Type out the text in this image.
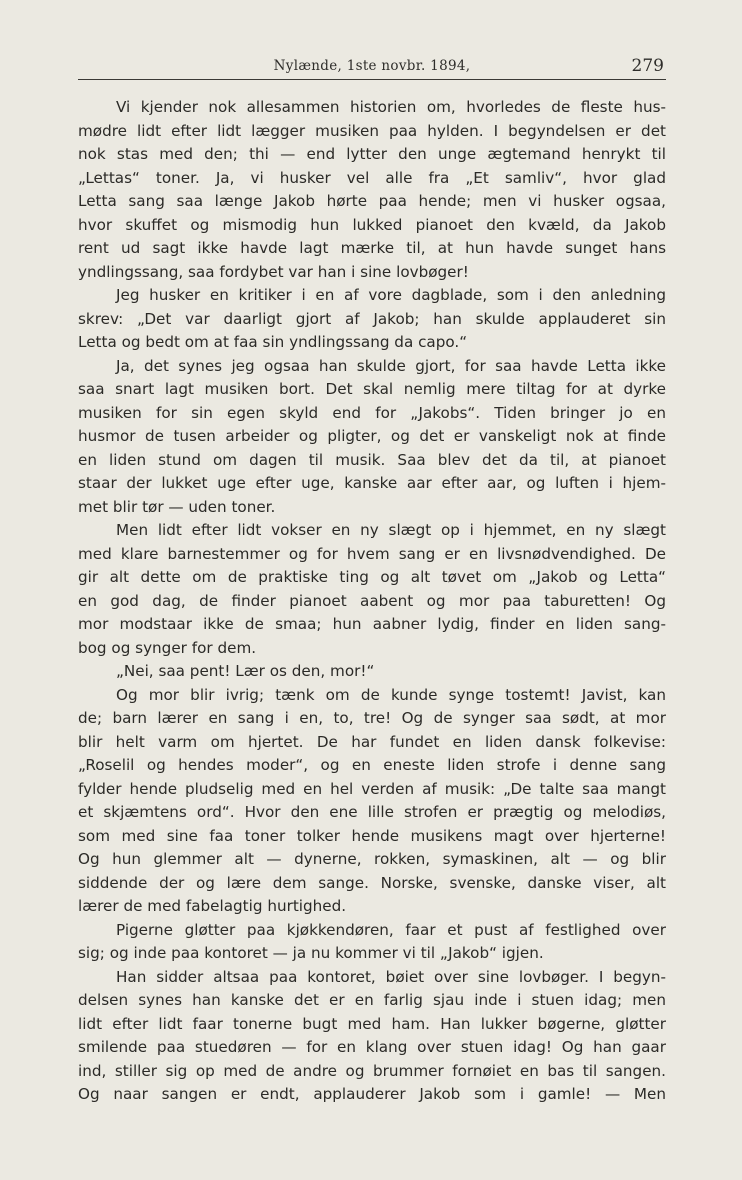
Nylænde, 1ste novbr. 1894,	279
Vi kjender nok allesammen historien om, hvorledes de fleste hus-
mødre lidt efter lidt lægger musiken paa hylden. I begyndelsen er det
nok stas med den; thi — end lytter den unge ægtemand henrykt til
„Lettas“ toner. Ja, vi husker vel alle fra „Et samliv“, hvor glad
Letta sang saa længe Jakob hørte paa hende; men vi husker ogsaa,
hvor skuffet og mismodig hun lukked pianoet den kvæld, da Jakob
rent ud sagt ikke havde lagt mærke til, at hun havde sunget hans
yndlingssang, saa fordybet var han i sine lovbøger!
Jeg husker en kritiker i en af vore dagblade, som i den anledning
skrev: „Det var daarligt gjort af Jakob; han skulde applauderet sin
Letta og bedt om at faa sin yndlingssang da capo.“
Ja, det synes jeg ogsaa han skulde gjort, for saa havde Letta ikke
saa snart lagt musiken bort. Det skal nemlig mere tiltag for at dyrke
musiken for sin egen skyld end for „Jakobs“. Tiden bringer jo en
husmor de tusen arbeider og pligter, og det er vanskeligt nok at finde
en liden stund om dagen til musik. Saa blev det da til, at pianoet
staar der lukket uge efter uge, kanske aar efter aar, og luften i hjem-
met blir tør — uden toner.
Men lidt efter lidt vokser en ny slægt op i hjemmet, en ny slægt
med klare barnestemmer og for hvem sang er en livsnødvendighed. De
gir alt dette om de praktiske ting og alt tøvet om „Jakob og Letta“
en god dag, de finder pianoet aabent og mor paa taburetten! Og
mor modstaar ikke de smaa; hun aabner lydig, finder en liden sang-
bog og synger for dem.
„Nei, saa pent! Lær os den, mor!“
Og mor blir ivrig; tænk om de kunde synge tostemt! Javist, kan
de; barn lærer en sang i en, to, tre! Og de synger saa sødt, at mor
blir helt varm om hjertet. De har fundet en liden dansk folkevise:
„Roselil og hendes moder“, og en eneste liden strofe i denne sang
fylder hende pludselig med en hel verden af musik: „De talte saa mangt
et skjæmtens ord“. Hvor den ene lille strofen er prægtig og melodiøs,
som med sine faa toner tolker hende musikens magt over hjerterne!
Og hun glemmer alt — dynerne, rokken, symaskinen, alt — og blir
siddende der og lære dem sange. Norske, svenske, danske viser, alt
lærer de med fabelagtig hurtighed.
Pigerne gløtter paa kjøkkendøren, faar et pust af festlighed over
sig; og inde paa kontoret — ja nu kommer vi til „Jakob“ igjen.
Han sidder altsaa paa kontoret, bøiet over sine lovbøger. I begyn-
delsen synes han kanske det er en farlig sjau inde i stuen idag; men
lidt efter lidt faar tonerne bugt med ham. Han lukker bøgerne, gløtter
smilende paa stuedøren — for en klang over stuen idag! Og han gaar
ind, stiller sig op med de andre og brummer fornøiet en bas til sangen.
Og naar sangen er endt, applauderer Jakob som i gamle! — Men
